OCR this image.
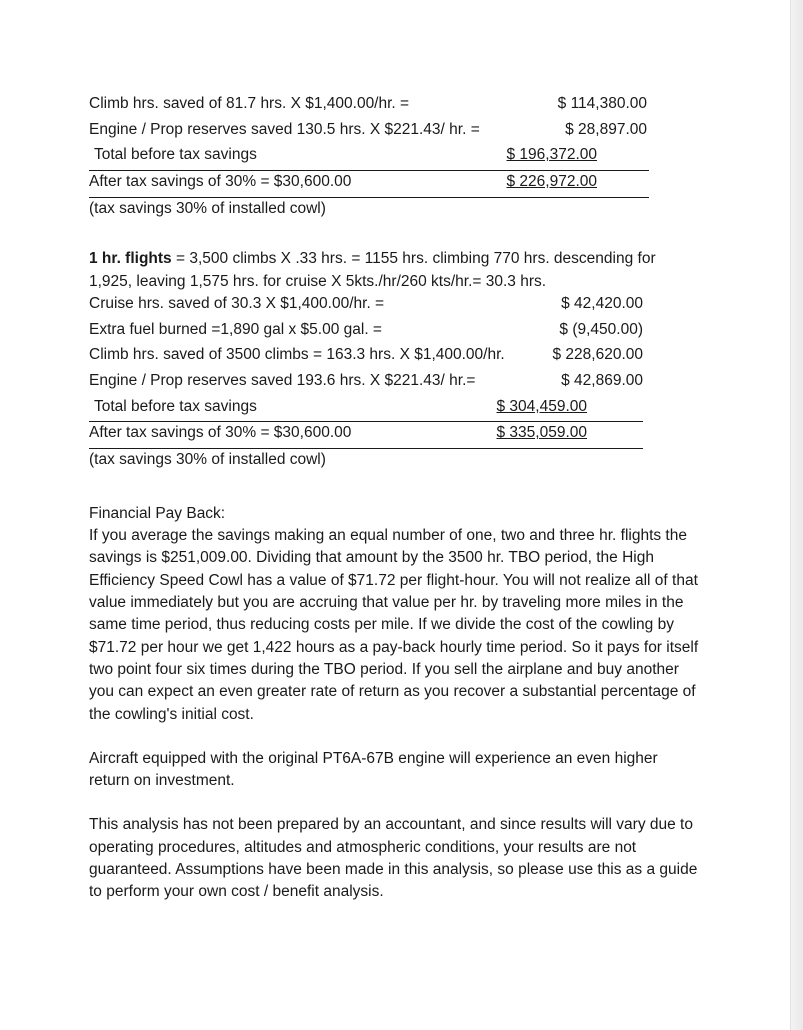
Climb hrs. saved of 81.7 hrs. X $1,400.00/hr. =	$ 114,380.00
Engine / Prop reserves saved 130.5 hrs. X $221.43/ hr. =	$ 28,897.00
Total before tax savings	$ 196,372.00
After tax savings of 30% = $30,600.00	$ 226,972.00
(tax savings 30% of installed cowl)

1 hr. flights = 3,500 climbs X .33 hrs. = 1155 hrs. climbing 770 hrs. descending for 1,925, leaving 1,575 hrs. for cruise X 5kts./hr/260 kts/hr.= 30.3 hrs.

Cruise hrs. saved of 30.3 X $1,400.00/hr. =	$ 42,420.00
Extra fuel burned =1,890 gal x $5.00 gal. =	$ (9,450.00)
Climb hrs. saved of 3500 climbs = 163.3 hrs. X $1,400.00/hr.	$ 228,620.00
Engine / Prop reserves saved 193.6 hrs. X $221.43/ hr.=	$ 42,869.00
Total before tax savings	$ 304,459.00
After tax savings of 30% = $30,600.00	$ 335,059.00
(tax savings 30% of installed cowl)

Financial Pay Back:

If you average the savings making an equal number of one, two and three hr. flights the savings is $251,009.00. Dividing that amount by the 3500 hr. TBO period, the High Efficiency Speed Cowl has a value of $71.72 per flight-hour. You will not realize all of that value immediately but you are accruing that value per hr. by traveling more miles in the same time period, thus reducing costs per mile. If we divide the cost of the cowling by $71.72 per hour we get 1,422 hours as a pay-back hourly time period. So it pays for itself two point four six times during the TBO period. If you sell the airplane and buy another you can expect an even greater rate of return as you recover a substantial percentage of the cowling's initial cost.

Aircraft equipped with the original PT6A-67B engine will experience an even higher return on investment.

This analysis has not been prepared by an accountant, and since results will vary due to operating procedures, altitudes and atmospheric conditions, your results are not guaranteed. Assumptions have been made in this analysis, so please use this as a guide to perform your own cost / benefit analysis.
